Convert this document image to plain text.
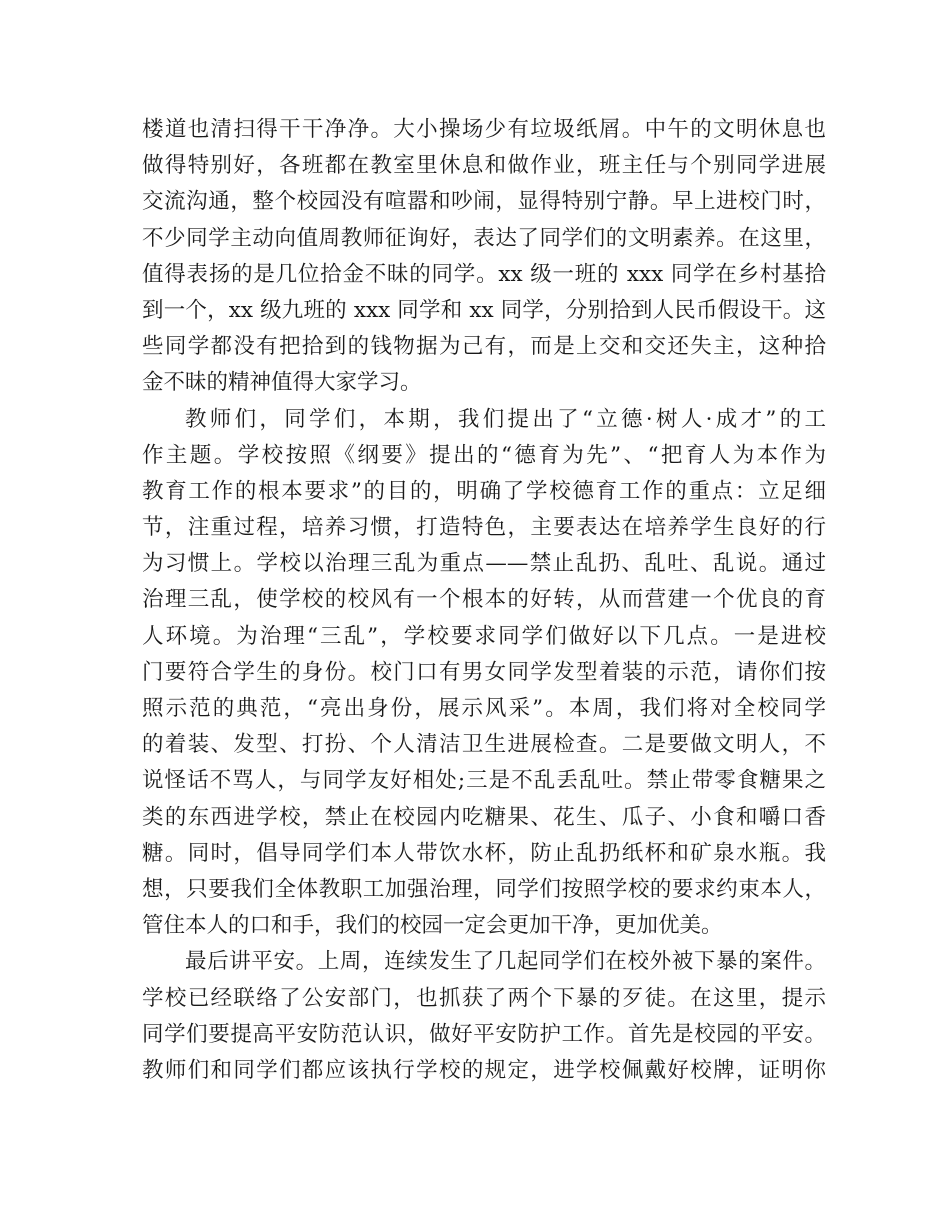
楼道也清扫得干干净净。大小操场少有垃圾纸屑。中午的文明休息也
做得特别好，各班都在教室里休息和做作业，班主任与个别同学进展
交流沟通，整个校园没有喧嚣和吵闹，显得特别宁静。早上进校门时，
不少同学主动向值周教师征询好，表达了同学们的文明素养。在这里，
值得表扬的是几位拾金不昧的同学。xx 级一班的 xxx 同学在乡村基拾
到一个，xx 级九班的 xxx 同学和 xx 同学，分别拾到人民币假设干。这
些同学都没有把拾到的钱物据为己有，而是上交和交还失主，这种拾
金不昧的精神值得大家学习。
教师们，同学们，本期，我们提出了“立德·树人·成才”的工
作主题。学校按照《纲要》提出的“德育为先”、“把育人为本作为
教育工作的根本要求”的目的，明确了学校德育工作的重点：立足细
节，注重过程，培养习惯，打造特色，主要表达在培养学生良好的行
为习惯上。学校以治理三乱为重点——禁止乱扔、乱吐、乱说。通过
治理三乱，使学校的校风有一个根本的好转，从而营建一个优良的育
人环境。为治理“三乱”，学校要求同学们做好以下几点。一是进校
门要符合学生的身份。校门口有男女同学发型着装的示范，请你们按
照示范的典范，“亮出身份，展示风采”。本周，我们将对全校同学
的着装、发型、打扮、个人清洁卫生进展检查。二是要做文明人，不
说怪话不骂人，与同学友好相处;三是不乱丢乱吐。禁止带零食糖果之
类的东西进学校，禁止在校园内吃糖果、花生、瓜子、小食和嚼口香
糖。同时，倡导同学们本人带饮水杯，防止乱扔纸杯和矿泉水瓶。我
想，只要我们全体教职工加强治理，同学们按照学校的要求约束本人，
管住本人的口和手，我们的校园一定会更加干净，更加优美。
最后讲平安。上周，连续发生了几起同学们在校外被下暴的案件。
学校已经联络了公安部门，也抓获了两个下暴的歹徒。在这里，提示
同学们要提高平安防范认识，做好平安防护工作。首先是校园的平安。
教师们和同学们都应该执行学校的规定，进学校佩戴好校牌，证明你
